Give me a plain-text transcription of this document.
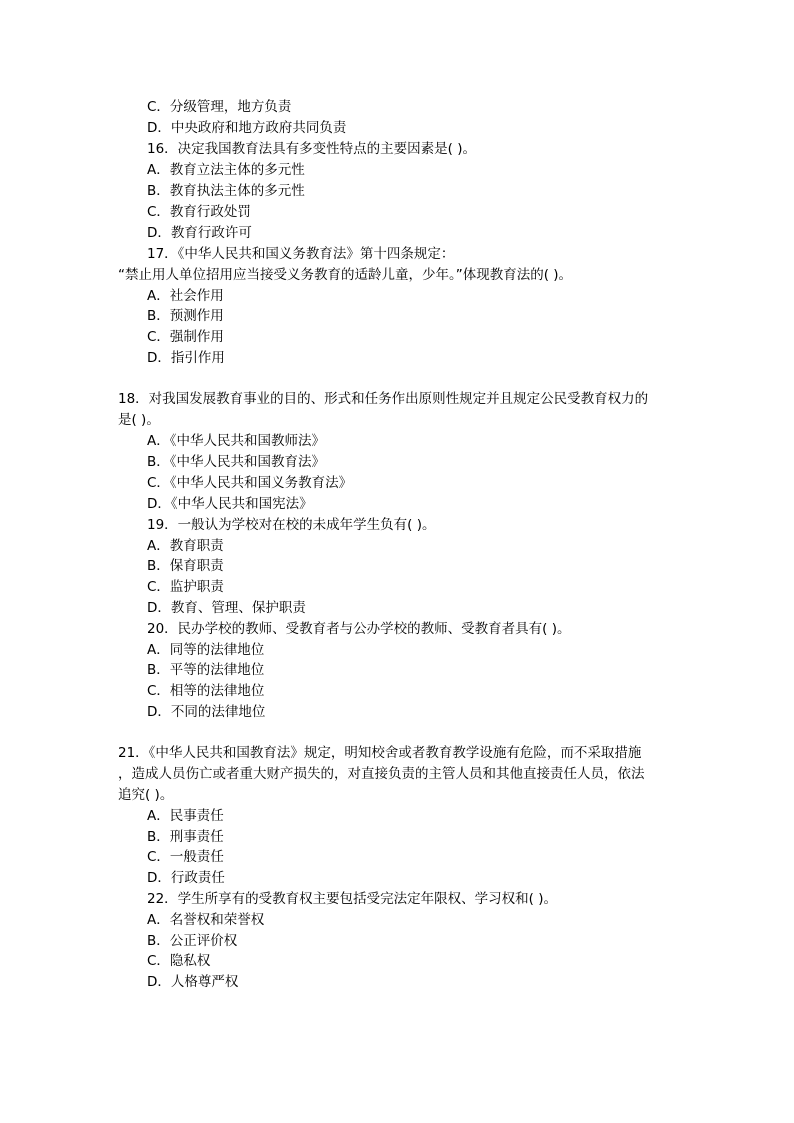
C．分级管理，地方负责
D．中央政府和地方政府共同负责
16．决定我国教育法具有多变性特点的主要因素是( )。
A．教育立法主体的多元性
B．教育执法主体的多元性
C．教育行政处罚
D．教育行政许可
17．《中华人民共和国义务教育法》第十四条规定：
“禁止用人单位招用应当接受义务教育的适龄儿童，少年。”体现教育法的( )。
A．社会作用
B．预测作用
C．强制作用
D．指引作用
18．对我国发展教育事业的目的、形式和任务作出原则性规定并且规定公民受教育权力的
是( )。
A．《中华人民共和国教师法》
B．《中华人民共和国教育法》
C．《中华人民共和国义务教育法》
D．《中华人民共和国宪法》
19．一般认为学校对在校的未成年学生负有( )。
A．教育职责
B．保育职责
C．监护职责
D．教育、管理、保护职责
20．民办学校的教师、受教育者与公办学校的教师、受教育者具有( )。
A．同等的法律地位
B．平等的法律地位
C．相等的法律地位
D．不同的法律地位
21．《中华人民共和国教育法》规定，明知校舍或者教育教学设施有危险，而不采取措施
，造成人员伤亡或者重大财产损失的，对直接负责的主管人员和其他直接责任人员，依法
追究( )。
A．民事责任
B．刑事责任
C．一般责任
D．行政责任
22．学生所享有的受教育权主要包括受完法定年限权、学习权和( )。
A．名誉权和荣誉权
B．公正评价权
C．隐私权
D．人格尊严权
